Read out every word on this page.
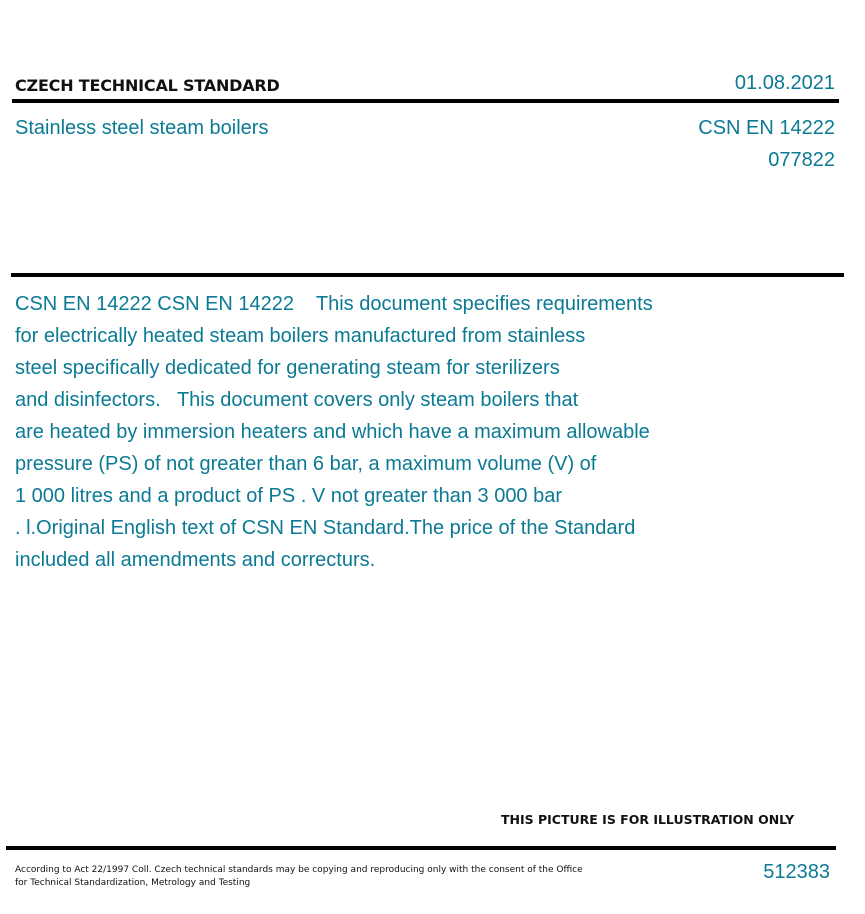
CZECH TECHNICAL STANDARD	01.08.2021
Stainless steel steam boilers	CSN EN 14222
077822
CSN EN 14222 CSN EN 14222    This document specifies requirements
for electrically heated steam boilers manufactured from stainless
steel specifically dedicated for generating steam for sterilizers
and disinfectors.   This document covers only steam boilers that
are heated by immersion heaters and which have a maximum allowable
pressure (PS) of not greater than 6 bar, a maximum volume (V) of
1 000 litres and a product of PS . V not greater than 3 000 bar
. l.Original English text of CSN EN Standard.The price of the Standard
included all amendments and correcturs.
THIS PICTURE IS FOR ILLUSTRATION ONLY
According to Act 22/1997 Coll. Czech technical standards may be copying and reproducing only with the consent of the Office
for Technical Standardization, Metrology and Testing	512383
